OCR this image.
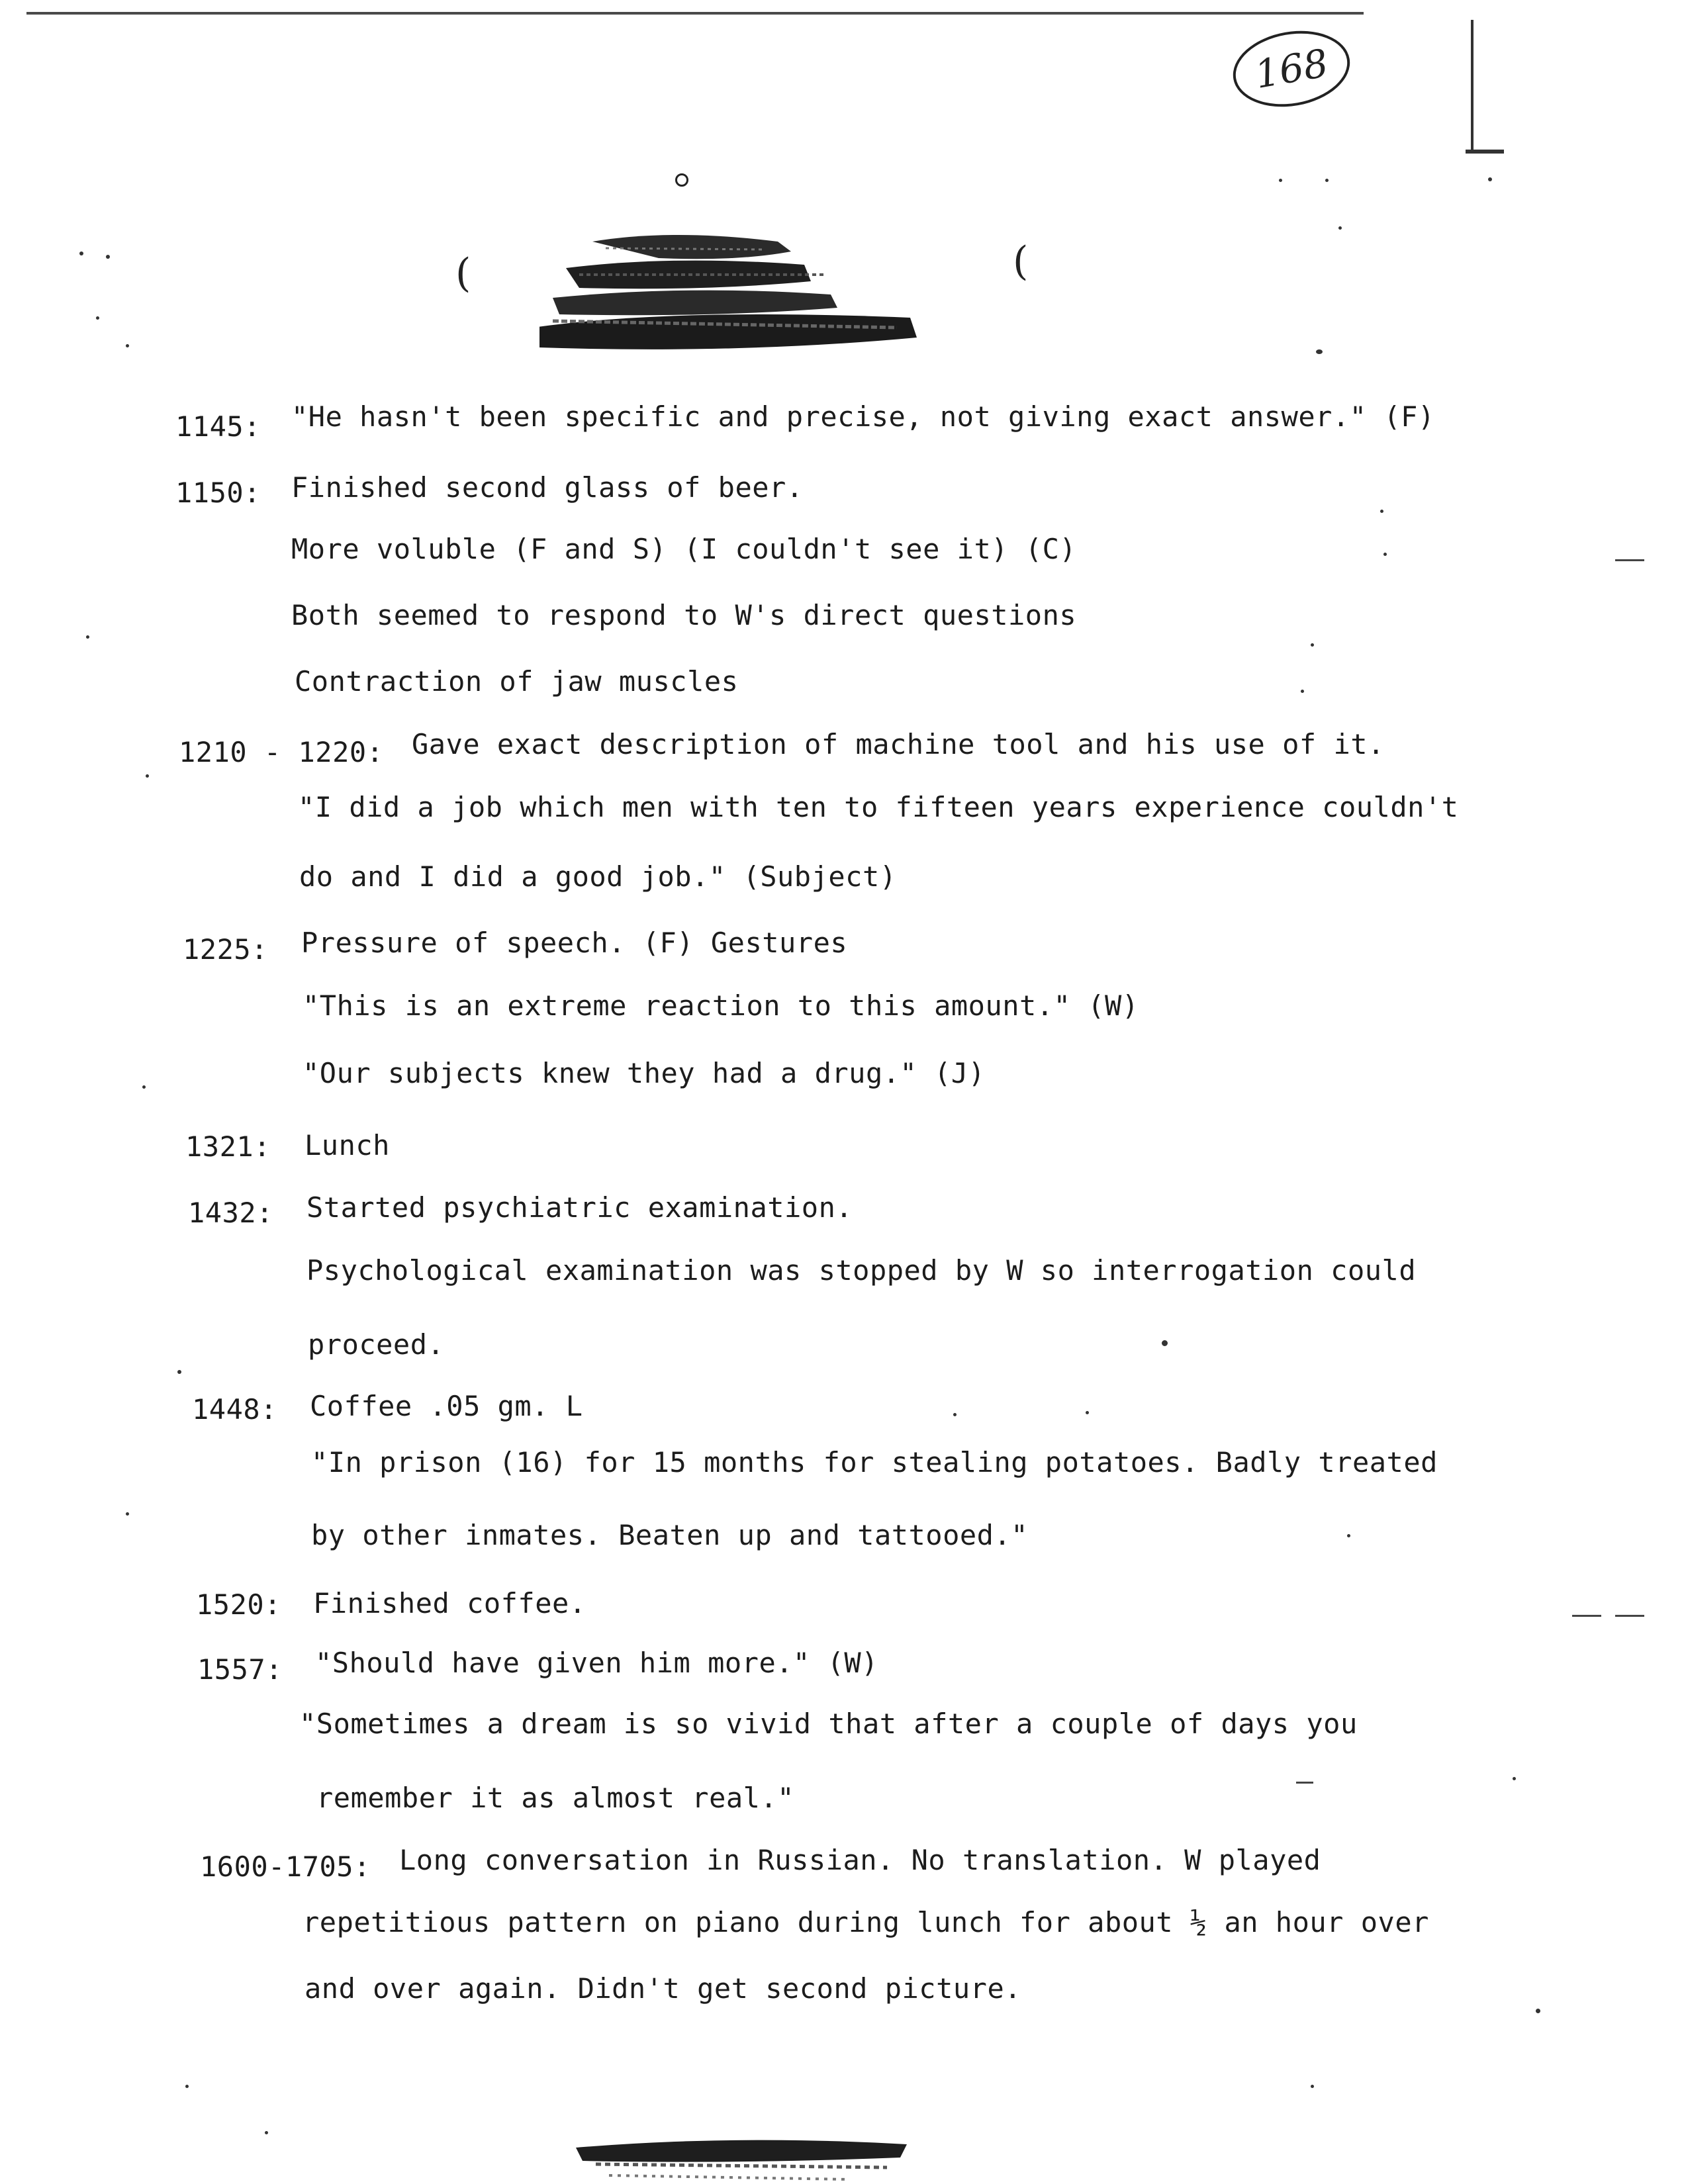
168
(	(
1145: "He hasn't been specific and precise, not giving exact answer." (F)
1150: Finished second glass of beer.
More voluble (F and S) (I couldn't see it) (C)
Both seemed to respond to W's direct questions
Contraction of jaw muscles
1210 - 1220: Gave exact description of machine tool and his use of it.
"I did a job which men with ten to fifteen years experience couldn't
do and I did a good job." (Subject)
1225: Pressure of speech. (F) Gestures
"This is an extreme reaction to this amount." (W)
"Our subjects knew they had a drug." (J)
1321: Lunch
1432: Started psychiatric examination.
Psychological examination was stopped by W so interrogation could
proceed.
1448: Coffee .05 gm. L
"In prison (16) for 15 months for stealing potatoes. Badly treated
by other inmates. Beaten up and tattooed."
1520: Finished coffee.
1557: "Should have given him more." (W)
"Sometimes a dream is so vivid that after a couple of days you
remember it as almost real."
1600-1705: Long conversation in Russian. No translation. W played
repetitious pattern on piano during lunch for about ½ an hour over
and over again. Didn't get second picture.
